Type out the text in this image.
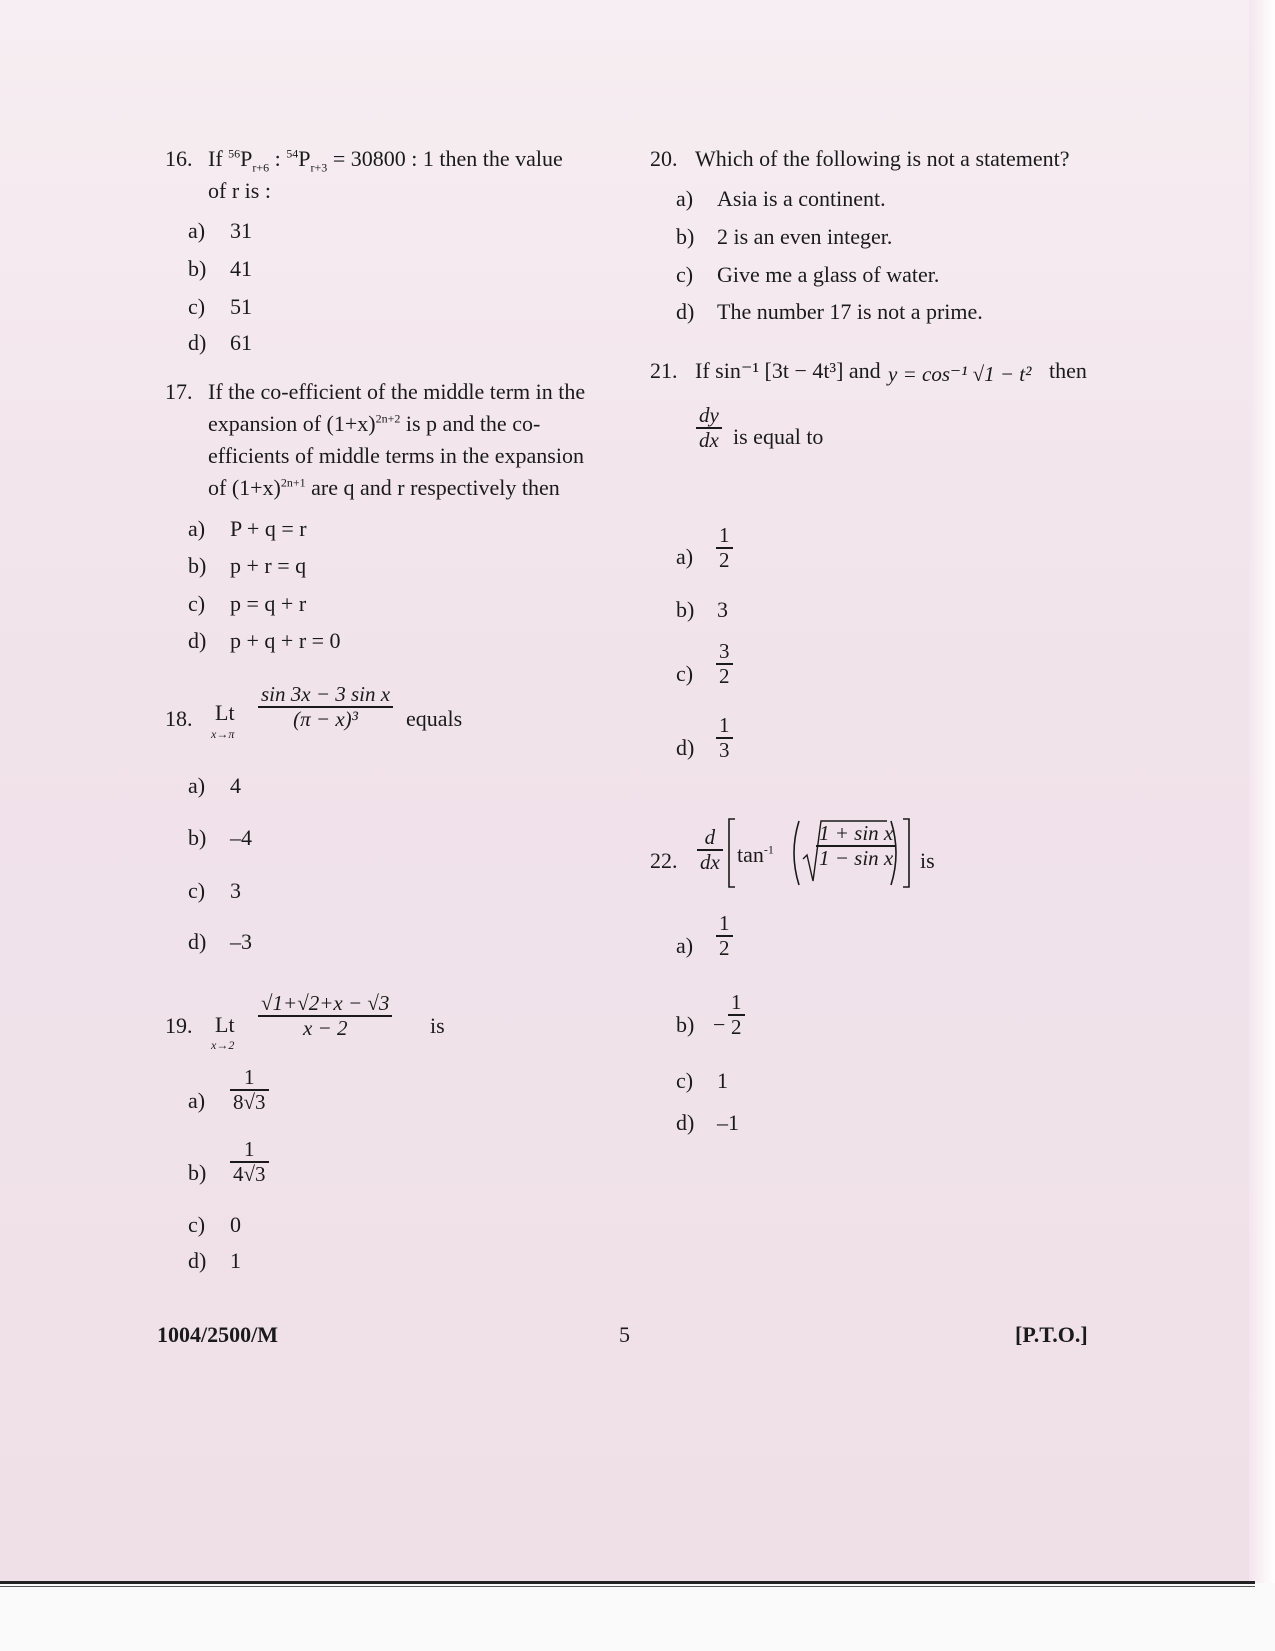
16. If $^{56}P_{r+6}$ : $^{54}P_{r+3} = 30800$ : 1 then the value
of r is :
a) 31
b) 41
c) 51
d) 61
17. If the co-efficient of the middle term in the
expansion of $(1+x)^{2n+2}$ is p and the co-
efficients of middle terms in the expansion
of $(1+x)^{2n+1}$ are q and r respectively then
a) P + q = r
b) p + r = q
c) p = q + r
d) p + q + r = 0
18. Lt
x→π
sin 3x − 3 sin x
(π − x)³ equals
a) 4
b) –4
c) 3
d) –3
19. Lt
x→2
√1+√2+x − √3
x − 2	is
a)
1
8√3
b)
1
4√3
c) 0
d) 1
20. Which of the following is not a statement?
a) Asia is a continent.
b) 2 is an even integer.
c) Give me a glass of water.
d) The number 17 is not a prime.
21. If sin⁻¹ [3t − 4t³] and y = cos⁻¹ √1 − t² then
dy
dx is equal to
a)
1
2
b) 3
c)
3
2
d)
1
3
22.
d
dx $\tan^{-1}$
1 + sin x
1 − sin x is
a)
1
2
b) −
1
2
c) 1
d) –1
1004/2500/M	5	[P.T.O.]
